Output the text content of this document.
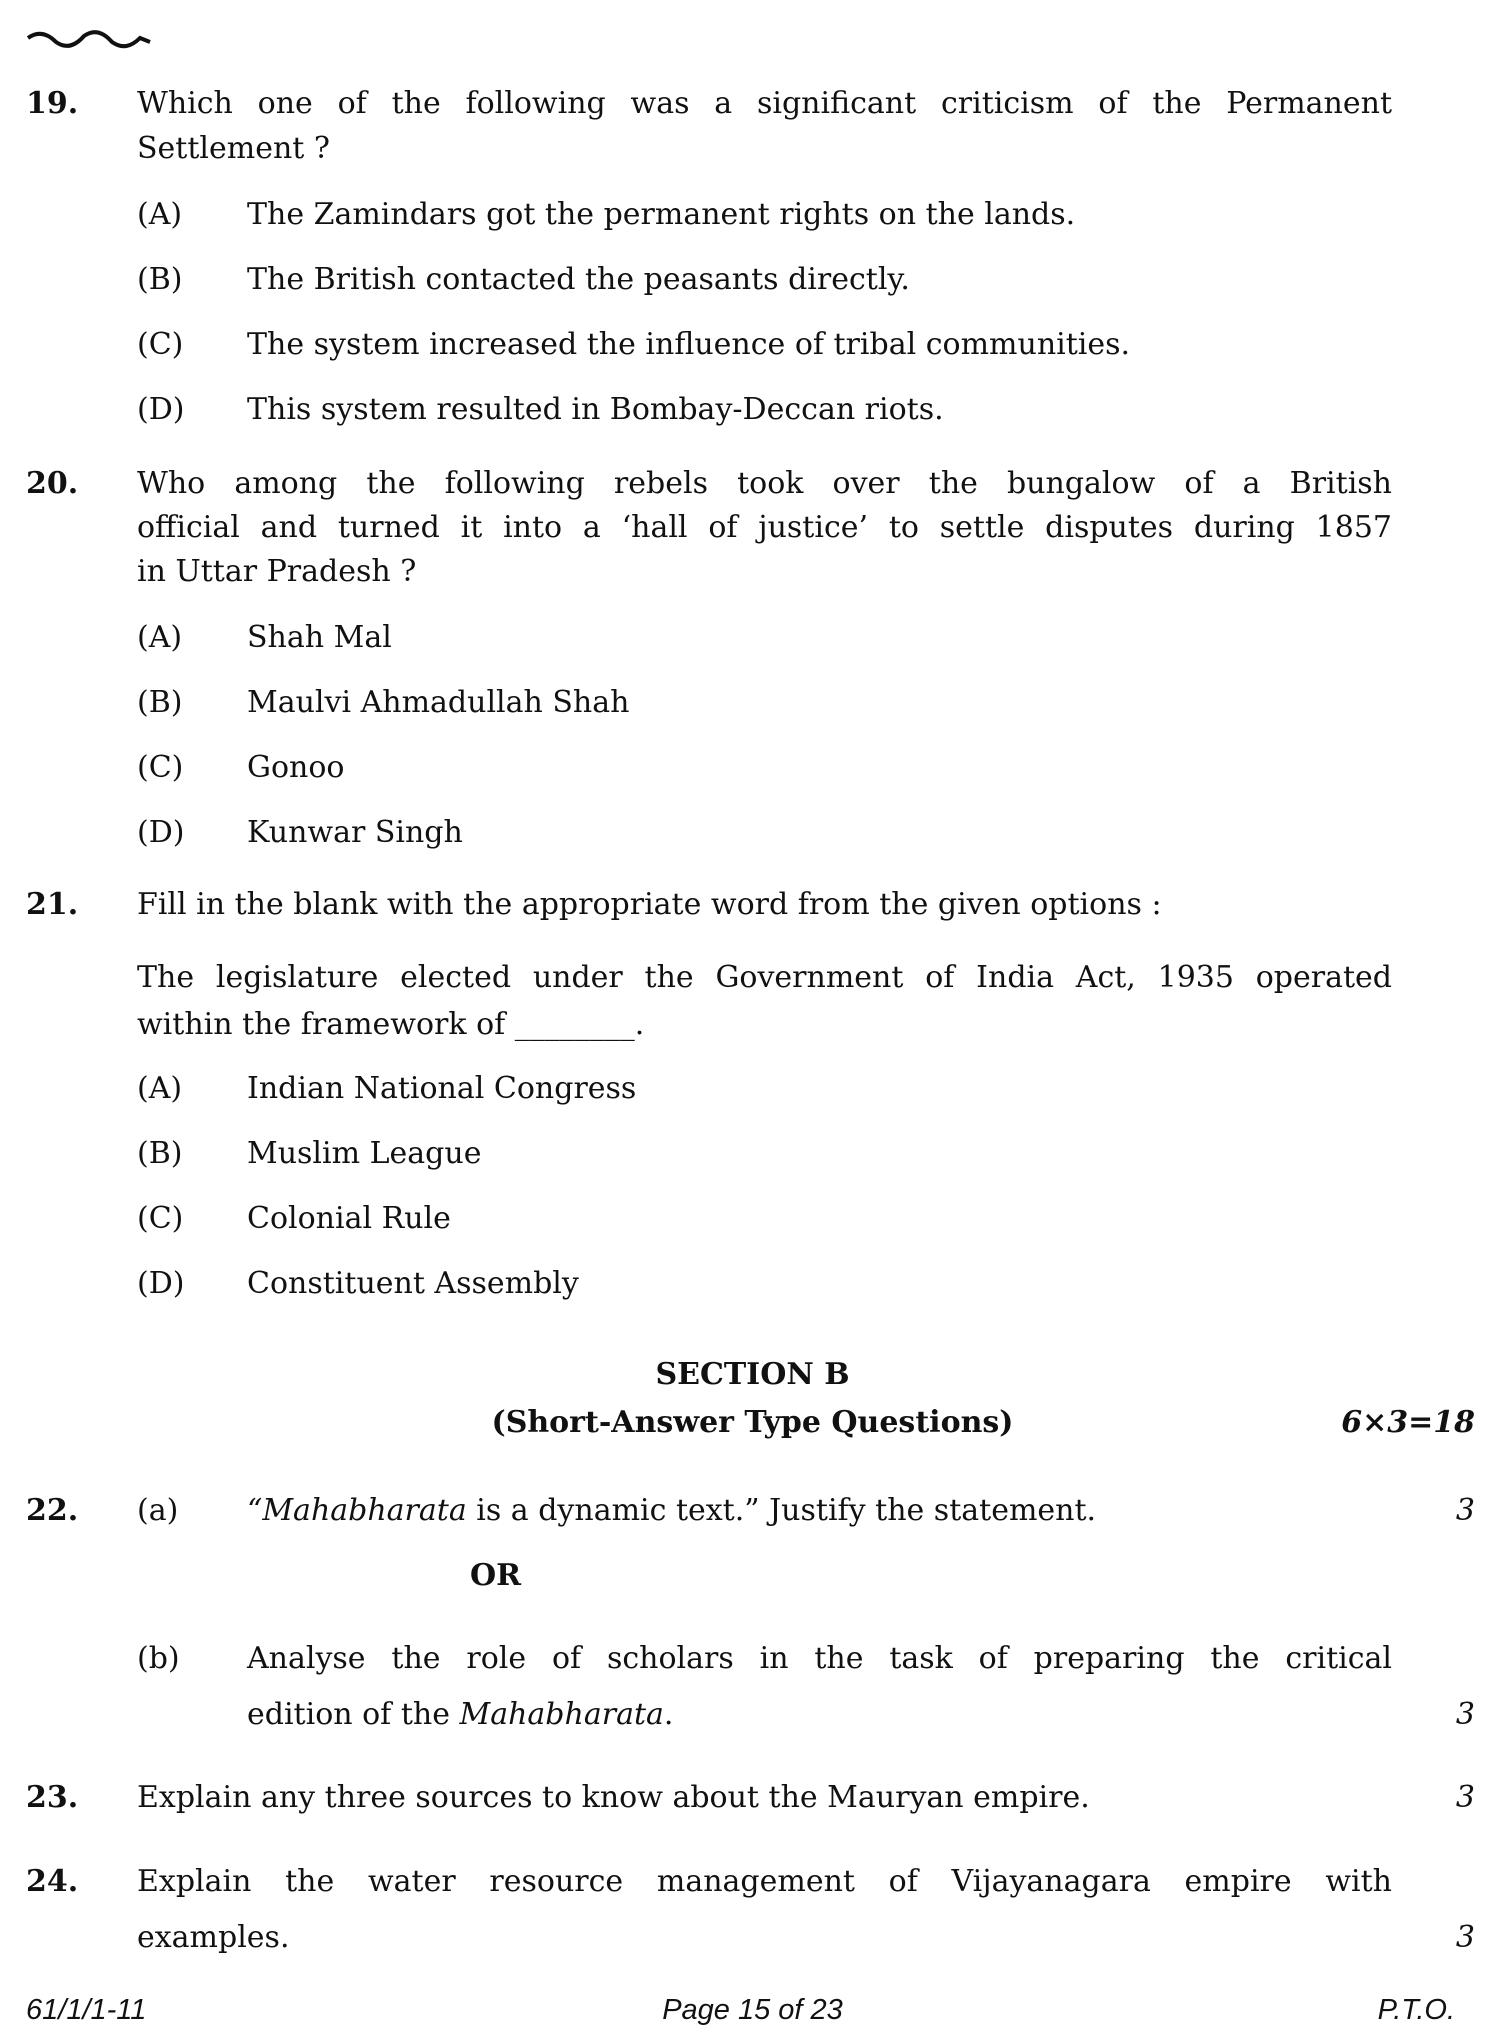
19. Which one of the following was a significant criticism of the Permanent
Settlement ?
(A) The Zamindars got the permanent rights on the lands.
(B) The British contacted the peasants directly.
(C) The system increased the influence of tribal communities.
(D) This system resulted in Bombay-Deccan riots.
20. Who among the following rebels took over the bungalow of a British
official and turned it into a ‘hall of justice’ to settle disputes during 1857
in Uttar Pradesh ?
(A) Shah Mal
(B) Maulvi Ahmadullah Shah
(C) Gonoo
(D) Kunwar Singh
21. Fill in the blank with the appropriate word from the given options :
The legislature elected under the Government of India Act, 1935 operated
within the framework of ________.
(A) Indian National Congress
(B) Muslim League
(C) Colonial Rule
(D) Constituent Assembly
SECTION B
(Short-Answer Type Questions)	6×3=18
22. (a) “Mahabharata is a dynamic text.” Justify the statement.	3
OR
(b) Analyse the role of scholars in the task of preparing the critical
edition of the Mahabharata.	3
23. Explain any three sources to know about the Mauryan empire.	3
24. Explain the water resource management of Vijayanagara empire with
examples.	3
61/1/1-11	Page 15 of 23	P.T.O.
